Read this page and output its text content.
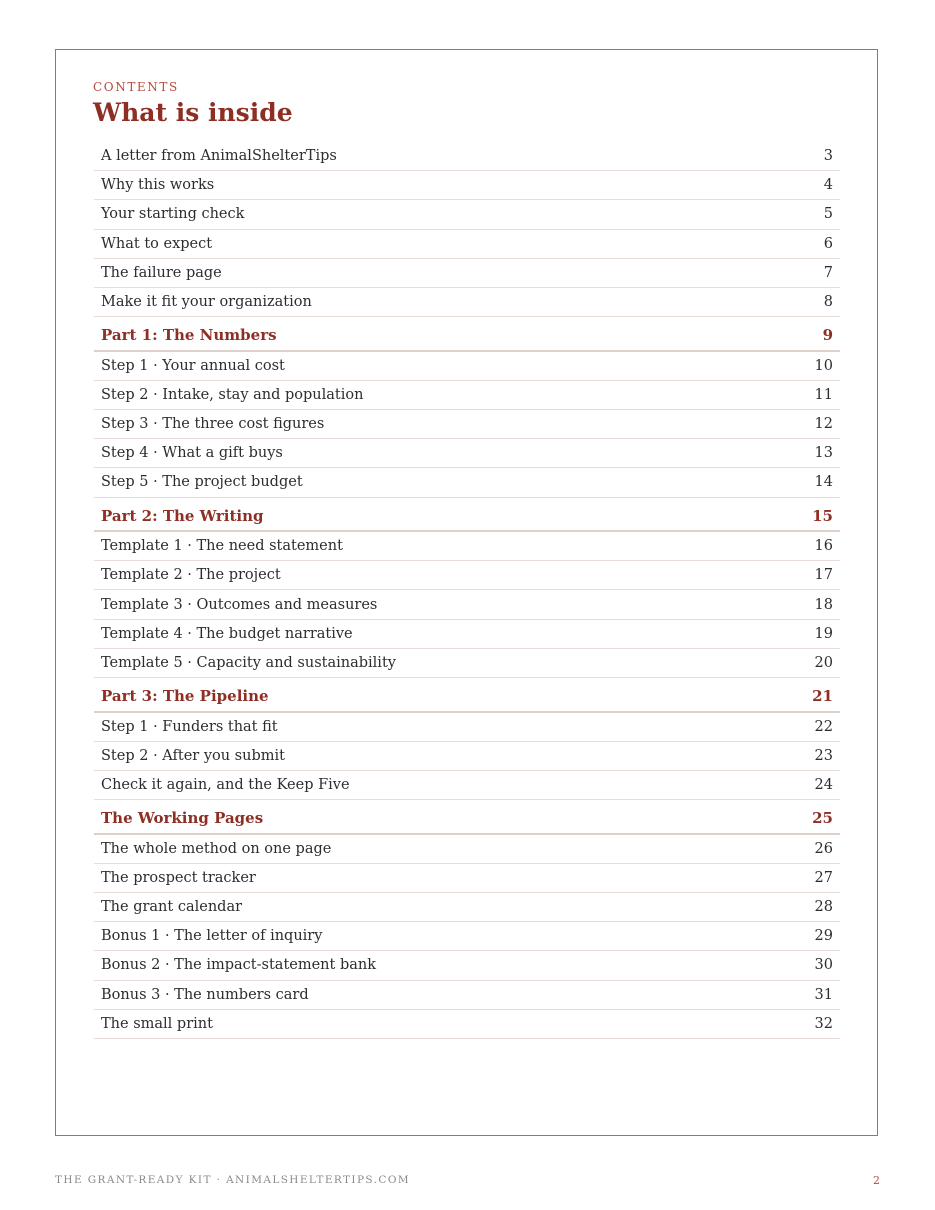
CONTENTS
What is inside
A letter from AnimalShelterTips	3
Why this works	4
Your starting check	5
What to expect	6
The failure page	7
Make it fit your organization	8
Part 1: The Numbers	9
Step 1 · Your annual cost	10
Step 2 · Intake, stay and population	11
Step 3 · The three cost figures	12
Step 4 · What a gift buys	13
Step 5 · The project budget	14
Part 2: The Writing	15
Template 1 · The need statement	16
Template 2 · The project	17
Template 3 · Outcomes and measures	18
Template 4 · The budget narrative	19
Template 5 · Capacity and sustainability	20
Part 3: The Pipeline	21
Step 1 · Funders that fit	22
Step 2 · After you submit	23
Check it again, and the Keep Five	24
The Working Pages	25
The whole method on one page	26
The prospect tracker	27
The grant calendar	28
Bonus 1 · The letter of inquiry	29
Bonus 2 · The impact-statement bank	30
Bonus 3 · The numbers card	31
The small print	32
THE GRANT-READY KIT · ANIMALSHELTERTIPS.COM	2
